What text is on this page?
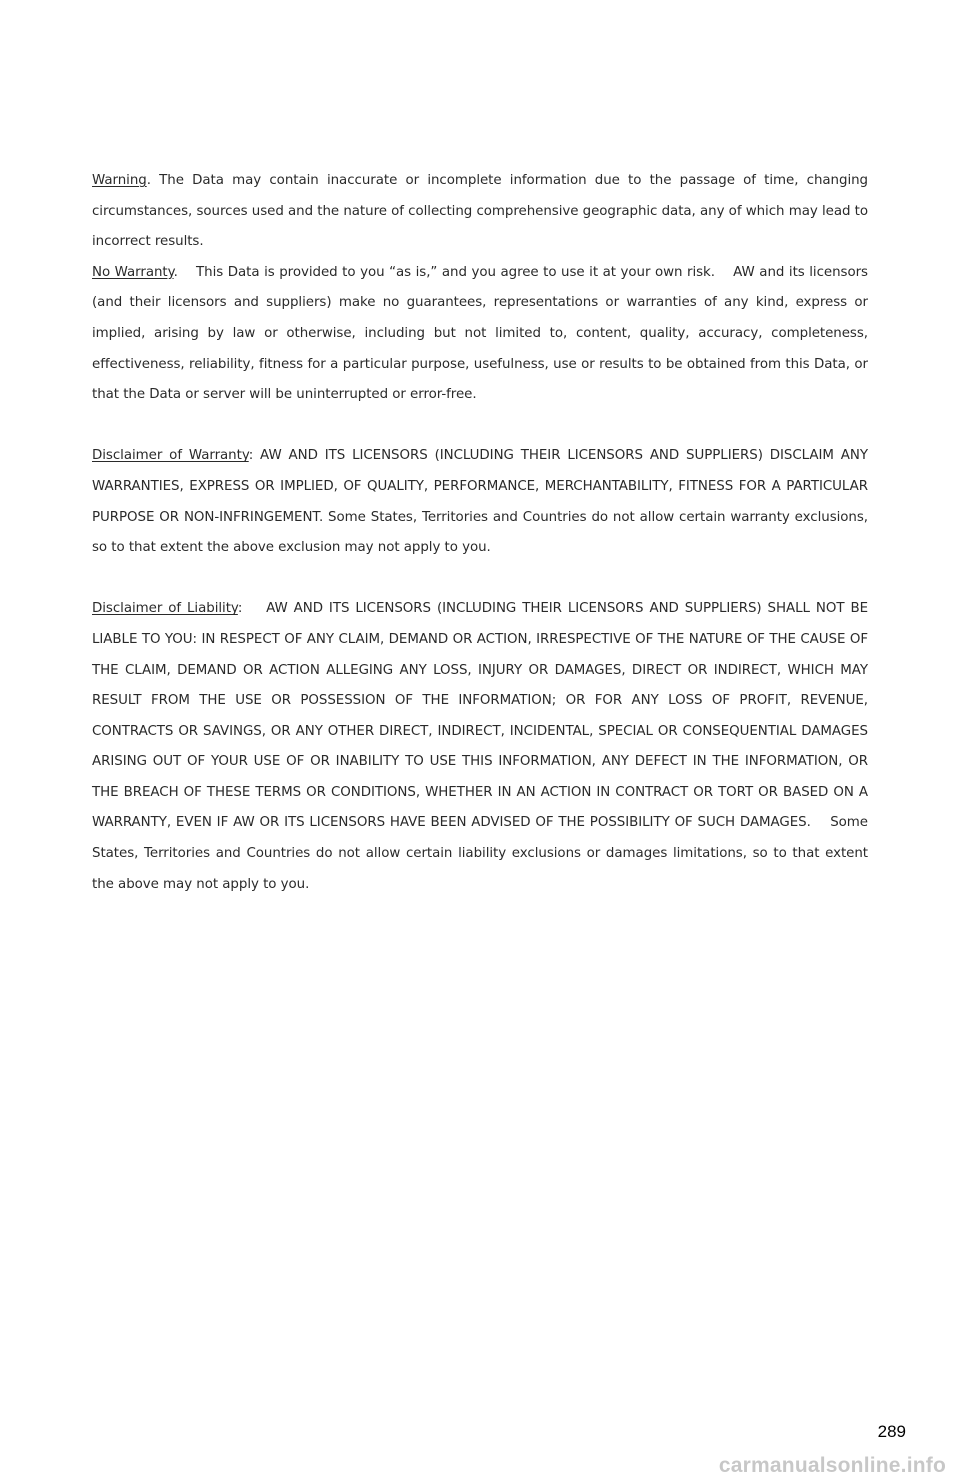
Warning. The Data may contain inaccurate or incomplete information due to the passage of time, changing circumstances, sources used and the nature of collecting comprehensive geographic data, any of which may lead to incorrect results.

No Warranty.    This Data is provided to you “as is,” and you agree to use it at your own risk.    AW and its licensors (and their licensors and suppliers) make no guarantees, representations or warranties of any kind, express or implied, arising by law or otherwise, including but not limited to, content, quality, accuracy, completeness, effectiveness, reliability, fitness for a particular purpose, usefulness, use or results to be obtained from this Data, or that the Data or server will be uninterrupted or error-free.

Disclaimer of Warranty: AW AND ITS LICENSORS (INCLUDING THEIR LICENSORS AND SUPPLIERS) DISCLAIM ANY WARRANTIES, EXPRESS OR IMPLIED, OF QUALITY, PERFORMANCE, MERCHANTABILITY, FITNESS FOR A PARTICULAR PURPOSE OR NON-INFRINGEMENT. Some States, Territories and Countries do not allow certain warranty exclusions, so to that extent the above exclusion may not apply to you.

Disclaimer of Liability:    AW AND ITS LICENSORS (INCLUDING THEIR LICENSORS AND SUPPLIERS) SHALL NOT BE LIABLE TO YOU: IN RESPECT OF ANY CLAIM, DEMAND OR ACTION, IRRESPECTIVE OF THE NATURE OF THE CAUSE OF THE CLAIM, DEMAND OR ACTION ALLEGING ANY LOSS, INJURY OR DAMAGES, DIRECT OR INDIRECT, WHICH MAY RESULT FROM THE USE OR POSSESSION OF THE INFORMATION; OR FOR ANY LOSS OF PROFIT, REVENUE, CONTRACTS OR SAVINGS, OR ANY OTHER DIRECT, INDIRECT, INCIDENTAL, SPECIAL OR CONSEQUENTIAL DAMAGES ARISING OUT OF YOUR USE OF OR INABILITY TO USE THIS INFORMATION, ANY DEFECT IN THE INFORMATION, OR THE BREACH OF THESE TERMS OR CONDITIONS, WHETHER IN AN ACTION IN CONTRACT OR TORT OR BASED ON A WARRANTY, EVEN IF AW OR ITS LICENSORS HAVE BEEN ADVISED OF THE POSSIBILITY OF SUCH DAMAGES.    Some States, Territories and Countries do not allow certain liability exclusions or damages limitations, so to that extent the above may not apply to you.

289
carmanualsonline.info
